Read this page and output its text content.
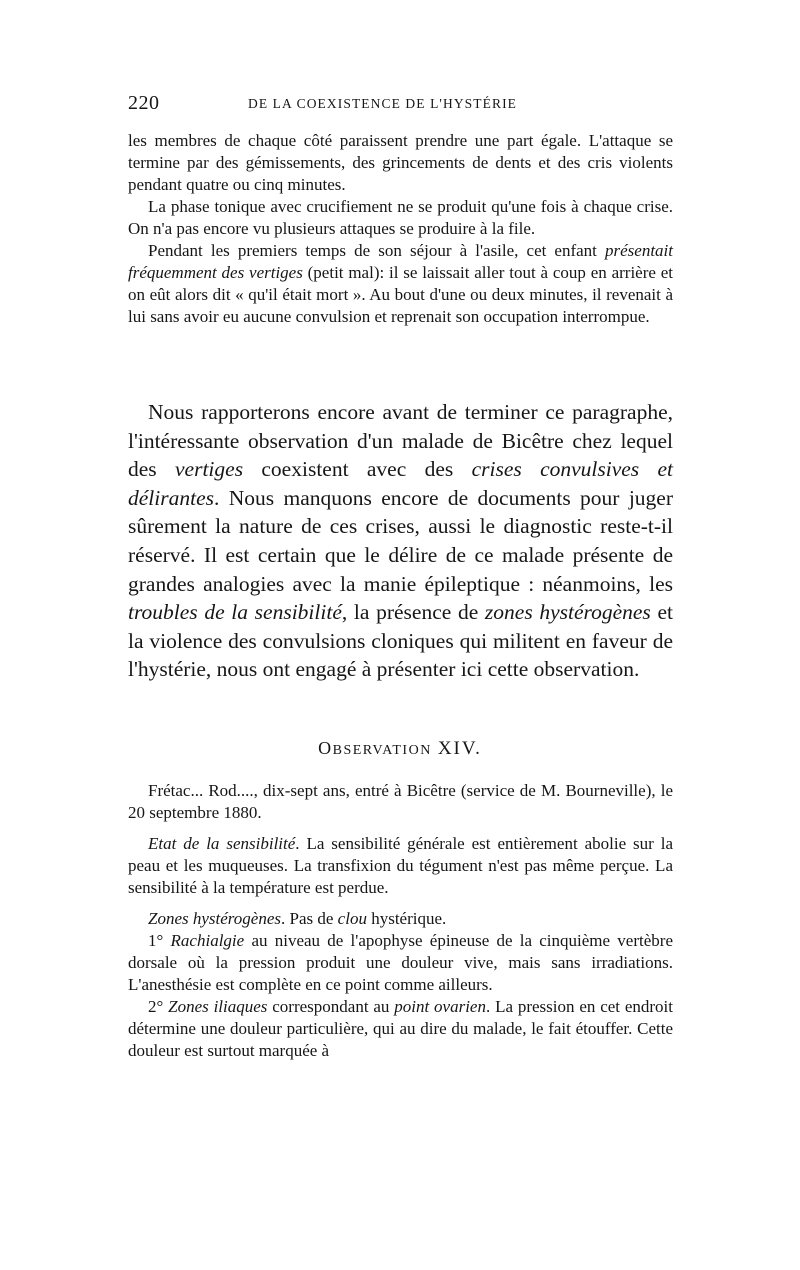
220	DE LA COEXISTENCE DE L'HYSTÉRIE

les membres de chaque côté paraissent prendre une part égale. L'attaque se termine par des gémissements, des grincements de dents et des cris violents pendant quatre ou cinq minutes.

La phase tonique avec crucifiement ne se produit qu'une fois à chaque crise. On n'a pas encore vu plusieurs attaques se produire à la file.

Pendant les premiers temps de son séjour à l'asile, cet enfant présentait fréquemment des vertiges (petit mal): il se laissait aller tout à coup en arrière et on eût alors dit « qu'il était mort ». Au bout d'une ou deux minutes, il revenait à lui sans avoir eu aucune convulsion et reprenait son occupation interrompue.

Nous rapporterons encore avant de terminer ce paragraphe, l'intéressante observation d'un malade de Bicêtre chez lequel des vertiges coexistent avec des crises convulsives et délirantes. Nous manquons encore de documents pour juger sûrement la nature de ces crises, aussi le diagnostic reste-t-il réservé. Il est certain que le délire de ce malade présente de grandes analogies avec la manie épileptique : néanmoins, les troubles de la sensibilité, la présence de zones hystérogènes et la violence des convulsions cloniques qui militent en faveur de l'hystérie, nous ont engagé à présenter ici cette observation.

OBSERVATION XIV.

Frétac... Rod...., dix-sept ans, entré à Bicêtre (service de M. Bourneville), le 20 septembre 1880.

Etat de la sensibilité. La sensibilité générale est entièrement abolie sur la peau et les muqueuses. La transfixion du tégument n'est pas même perçue. La sensibilité à la température est perdue.

Zones hystérogènes. Pas de clou hystérique.

1° Rachialgie au niveau de l'apophyse épineuse de la cinquième vertèbre dorsale où la pression produit une douleur vive, mais sans irradiations. L'anesthésie est complète en ce point comme ailleurs.

2° Zones iliaques correspondant au point ovarien. La pression en cet endroit détermine une douleur particulière, qui au dire du malade, le fait étouffer. Cette douleur est surtout marquée à
